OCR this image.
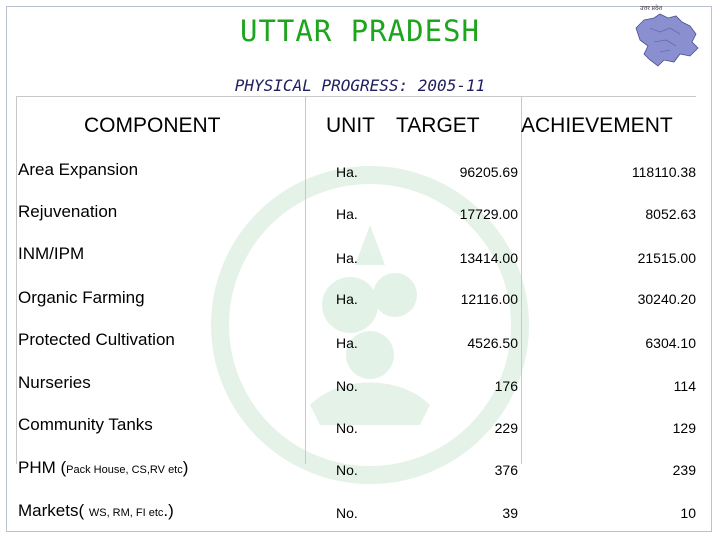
उत्तर प्रदेश
UTTAR PRADESH
PHYSICAL PROGRESS: 2005-11
COMPONENT	UNIT TARGET ACHIEVEMENT
Area Expansion	Ha.	96205.69	118110.38
Rejuvenation	Ha.	17729.00	8052.63
INM/IPM	Ha.	13414.00	21515.00
Organic Farming	Ha.	12116.00	30240.20
Protected Cultivation	Ha.	4526.50	6304.10
Nurseries	No.	176	114
Community Tanks	No.	229	129
PHM (Pack House, CS,RV etc)	No.	376	239
Markets( WS, RM, FI etc.)	No.	39	10
